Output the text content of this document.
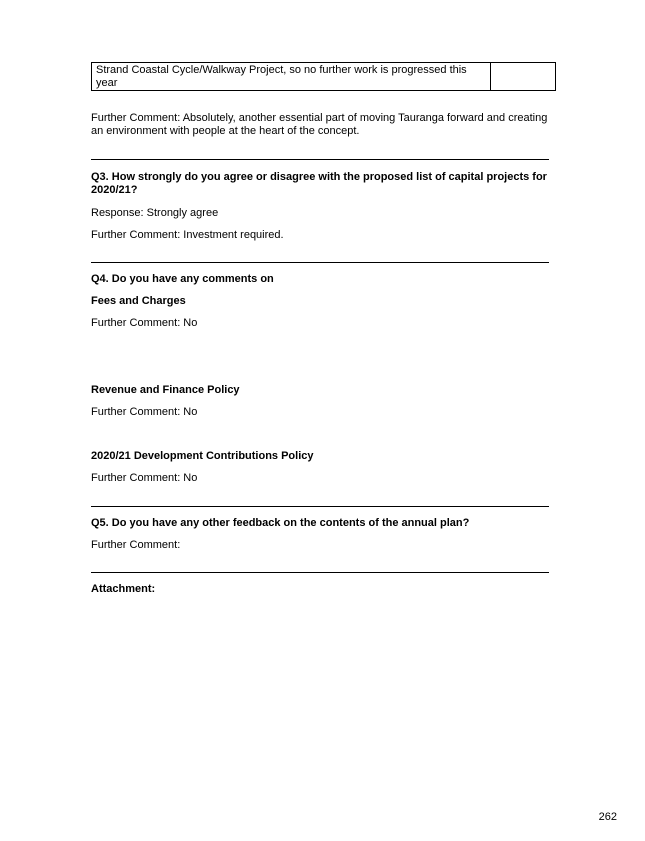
Strand Coastal Cycle/Walkway Project, so no further work is progressed this year	
Further Comment: Absolutely, another essential part of moving Tauranga forward and creating an environment with people at the heart of the concept.
Q3. How strongly do you agree or disagree with the proposed list of capital projects for 2020/21?
Response: Strongly agree
Further Comment: Investment required.
Q4. Do you have any comments on
Fees and Charges
Further Comment: No
Revenue and Finance Policy
Further Comment: No
2020/21 Development Contributions Policy
Further Comment: No
Q5. Do you have any other feedback on the contents of the annual plan?
Further Comment:
Attachment:
262
